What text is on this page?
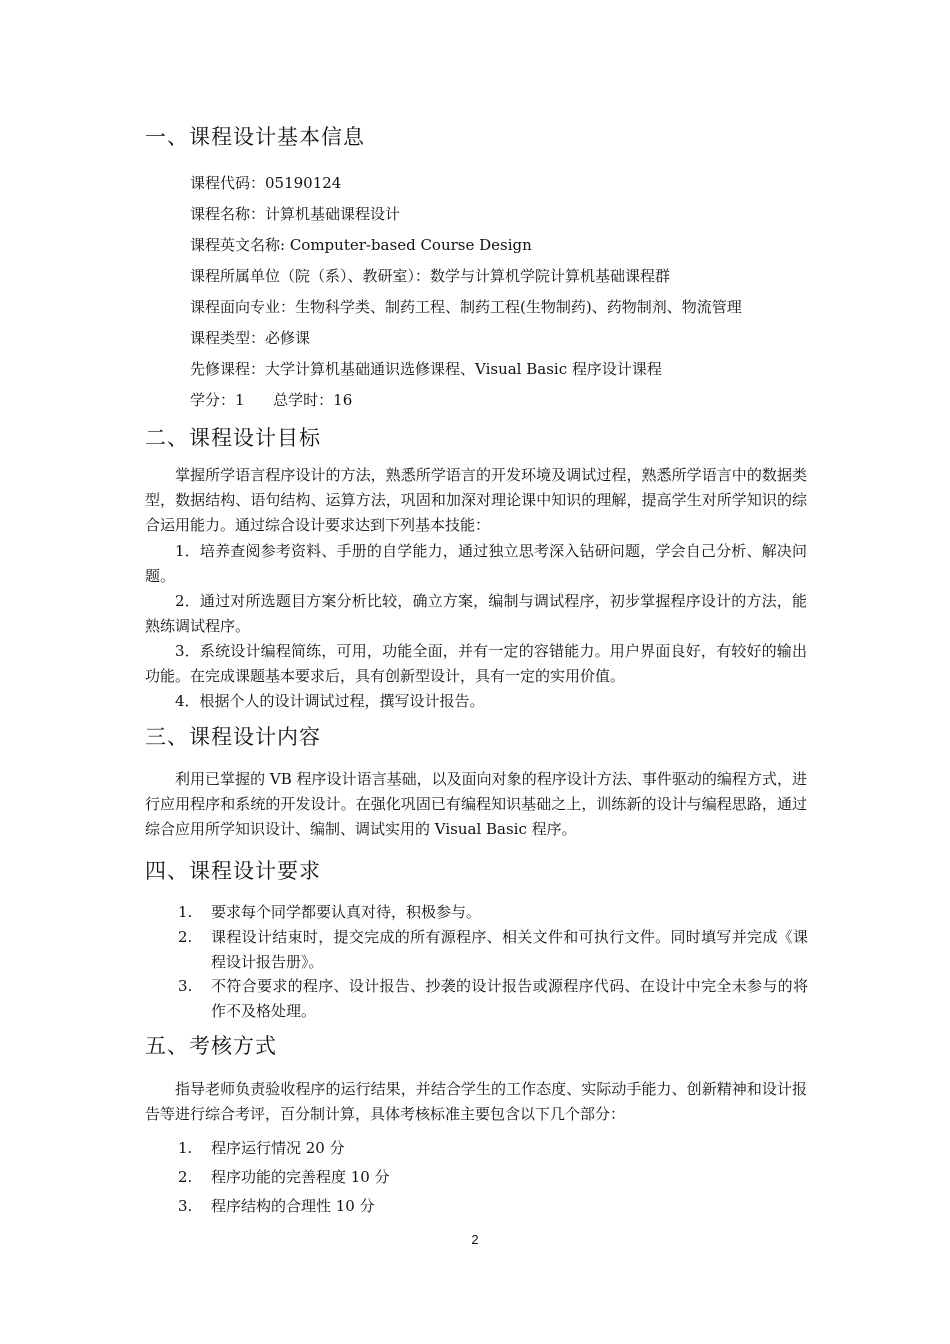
一、课程设计基本信息
课程代码：05190124
课程名称：计算机基础课程设计
课程英文名称: Computer-based Course Design
课程所属单位（院（系）、教研室）：数学与计算机学院计算机基础课程群
课程面向专业：生物科学类、制药工程、制药工程(生物制药)、药物制剂、物流管理
课程类型：必修课
先修课程：大学计算机基础通识选修课程、Visual Basic 程序设计课程
学分：1      总学时：16
二、课程设计目标
掌握所学语言程序设计的方法，熟悉所学语言的开发环境及调试过程，熟悉所学语言中的数据类型，数据结构、语句结构、运算方法，巩固和加深对理论课中知识的理解，提高学生对所学知识的综合运用能力。通过综合设计要求达到下列基本技能：
1．培养查阅参考资料、手册的自学能力，通过独立思考深入钻研问题，学会自己分析、解决问题。
2．通过对所选题目方案分析比较，确立方案，编制与调试程序，初步掌握程序设计的方法，能熟练调试程序。
3．系统设计编程简练，可用，功能全面，并有一定的容错能力。用户界面良好，有较好的输出功能。在完成课题基本要求后，具有创新型设计，具有一定的实用价值。
4．根据个人的设计调试过程，撰写设计报告。
三、课程设计内容
利用已掌握的 VB 程序设计语言基础，以及面向对象的程序设计方法、事件驱动的编程方式，进行应用程序和系统的开发设计。在强化巩固已有编程知识基础之上，训练新的设计与编程思路，通过综合应用所学知识设计、编制、调试实用的 Visual Basic 程序。
四、课程设计要求
1.	要求每个同学都要认真对待，积极参与。
2.	课程设计结束时，提交完成的所有源程序、相关文件和可执行文件。同时填写并完成《课程设计报告册》。
3.	不符合要求的程序、设计报告、抄袭的设计报告或源程序代码、在设计中完全未参与的将作不及格处理。
五、考核方式
指导老师负责验收程序的运行结果，并结合学生的工作态度、实际动手能力、创新精神和设计报告等进行综合考评，百分制计算，具体考核标准主要包含以下几个部分：
1.	程序运行情况 20 分
2.	程序功能的完善程度 10 分
3.	程序结构的合理性 10 分
2
